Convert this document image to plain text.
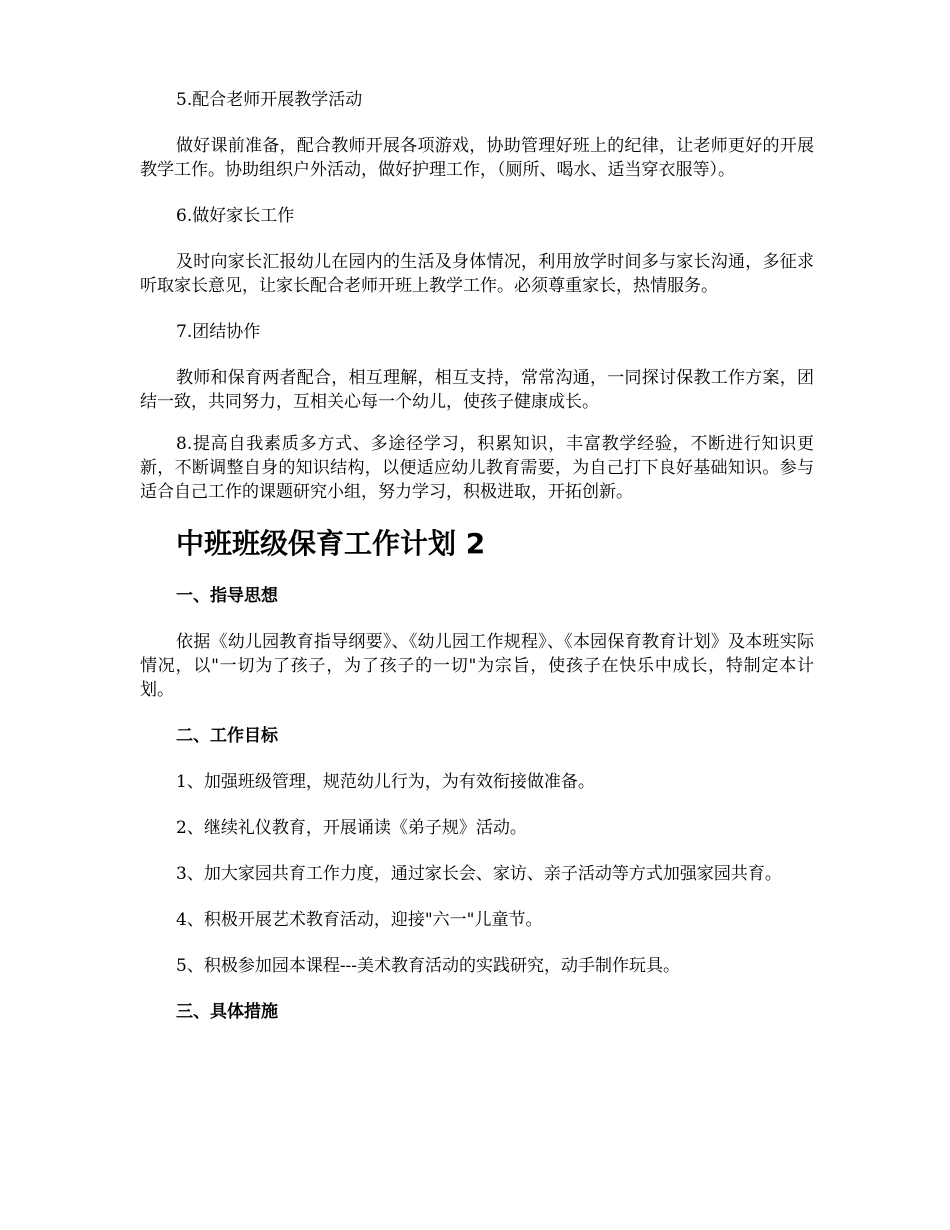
5.配合老师开展教学活动

做好课前准备，配合教师开展各项游戏，协助管理好班上的纪律，让老师更好的开展教学工作。协助组织户外活动，做好护理工作，（厕所、喝水、适当穿衣服等）。

6.做好家长工作

及时向家长汇报幼儿在园内的生活及身体情况，利用放学时间多与家长沟通，多征求听取家长意见，让家长配合老师开班上教学工作。必须尊重家长，热情服务。

7.团结协作

教师和保育两者配合，相互理解，相互支持，常常沟通，一同探讨保教工作方案，团结一致，共同努力，互相关心每一个幼儿，使孩子健康成长。

8.提高自我素质多方式、多途径学习，积累知识，丰富教学经验，不断进行知识更新，不断调整自身的知识结构，以便适应幼儿教育需要，为自己打下良好基础知识。参与适合自己工作的课题研究小组，努力学习，积极进取，开拓创新。

中班班级保育工作计划 2
一、指导思想

依据《幼儿园教育指导纲要》、《幼儿园工作规程》、《本园保育教育计划》及本班实际情况，以"一切为了孩子，为了孩子的一切"为宗旨，使孩子在快乐中成长，特制定本计划。

二、工作目标

1、加强班级管理，规范幼儿行为，为有效衔接做准备。

2、继续礼仪教育，开展诵读《弟子规》活动。

3、加大家园共育工作力度，通过家长会、家访、亲子活动等方式加强家园共育。

4、积极开展艺术教育活动，迎接"六一"儿童节。

5、积极参加园本课程---美术教育活动的实践研究，动手制作玩具。

三、具体措施
